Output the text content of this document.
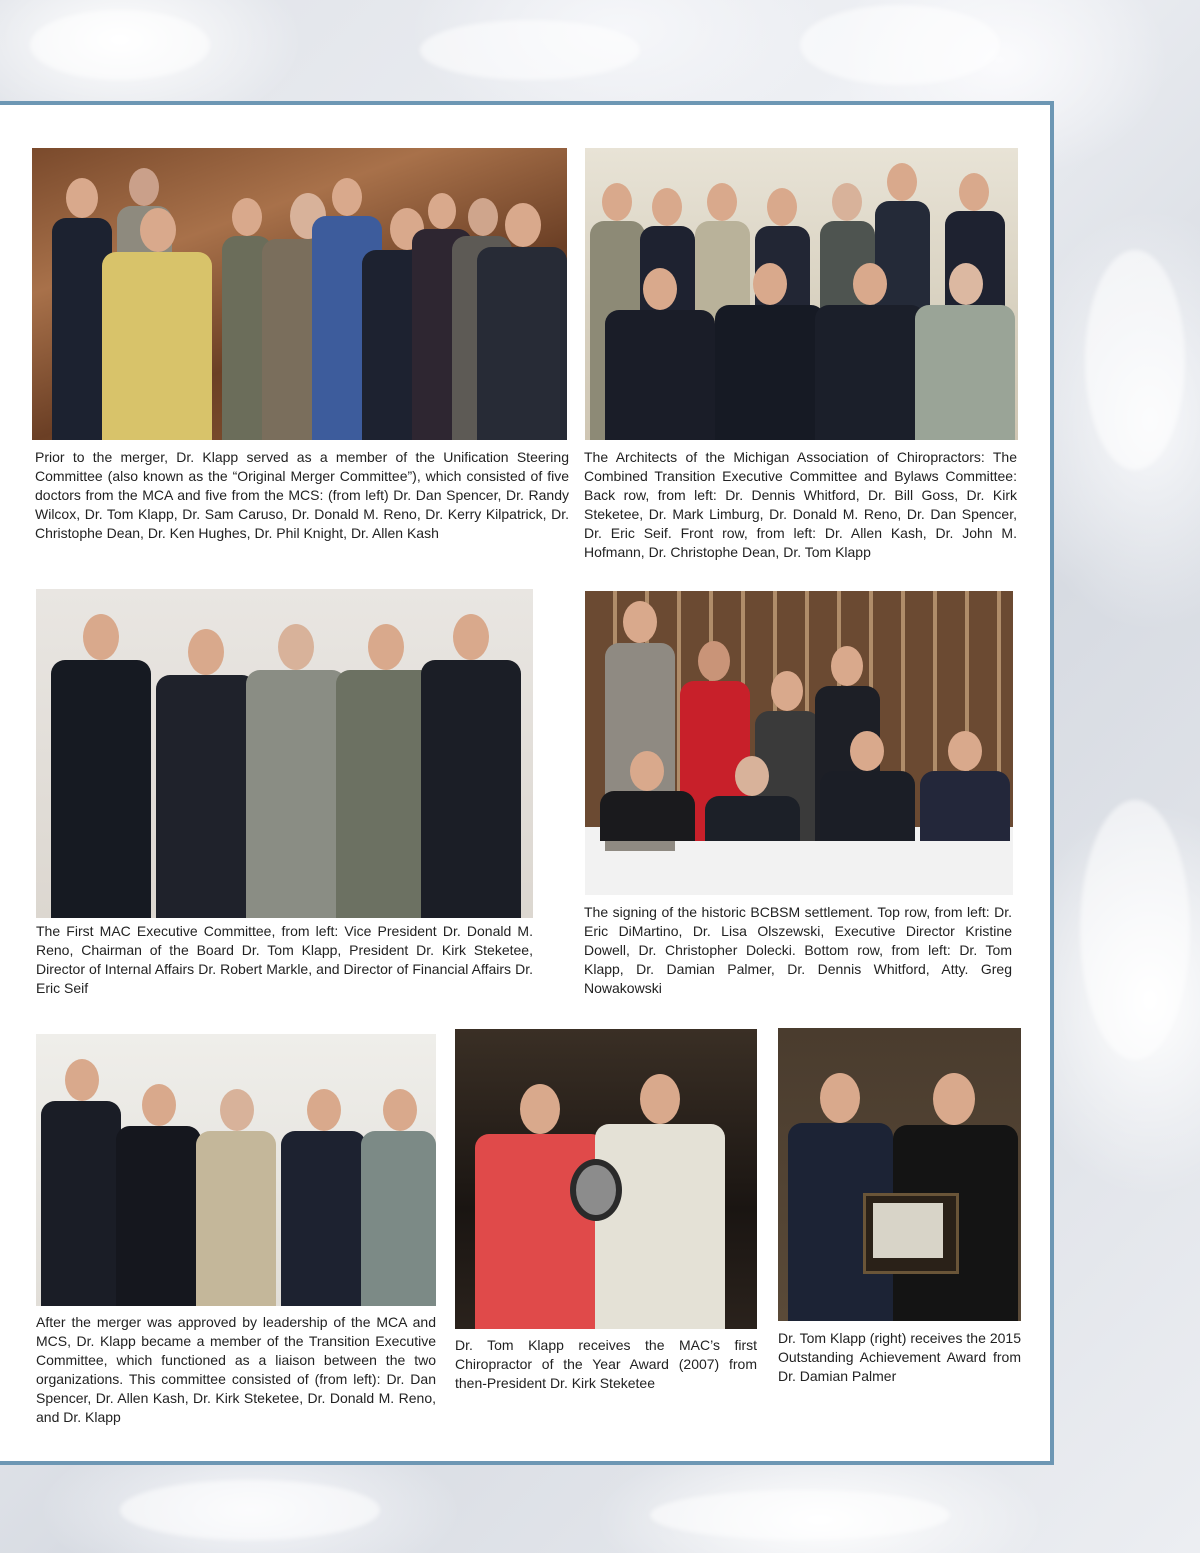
Prior to the merger, Dr. Klapp served as a member of the Unification Steering Committee (also known as the “Original Merger Committee”), which consisted of five doctors from the MCA and five from the MCS: (from left) Dr. Dan Spencer, Dr. Randy Wilcox, Dr. Tom Klapp, Dr. Sam Caruso, Dr. Donald M. Reno, Dr. Kerry Kilpatrick, Dr. Christophe Dean, Dr. Ken Hughes, Dr. Phil Knight, Dr. Allen Kash

The Architects of the Michigan Association of Chiropractors: The Combined Transition Executive Committee and Bylaws Committee: Back row, from left: Dr. Dennis Whitford, Dr. Bill Goss, Dr. Kirk Steketee, Dr. Mark Limburg, Dr. Donald M. Reno, Dr. Dan Spencer, Dr. Eric Seif. Front row, from left: Dr. Allen Kash, Dr. John M. Hofmann, Dr. Christophe Dean, Dr. Tom Klapp

The First MAC Executive Committee, from left: Vice President Dr. Donald M. Reno, Chairman of the Board Dr. Tom Klapp, President Dr. Kirk Steketee, Director of Internal Affairs Dr. Robert Markle, and Director of Financial Affairs Dr. Eric Seif

The signing of the historic BCBSM settlement. Top row, from left: Dr. Eric DiMartino, Dr. Lisa Olszewski, Executive Director Kristine Dowell, Dr. Christopher Dolecki. Bottom row, from left: Dr. Tom Klapp, Dr. Damian Palmer, Dr. Dennis Whitford, Atty. Greg Nowakowski

After the merger was approved by leadership of the MCA and MCS, Dr. Klapp became a member of the Transition Executive Committee, which functioned as a liaison between the two organizations. This committee consisted of (from left): Dr. Dan Spencer, Dr. Allen Kash, Dr. Kirk Steketee, Dr. Donald M. Reno, and Dr. Klapp

Dr. Tom Klapp receives the MAC’s first Chiropractor of the Year Award (2007) from then-President Dr. Kirk Steketee

Dr. Tom Klapp (right) receives the 2015 Outstanding Achievement Award from Dr. Damian Palmer
